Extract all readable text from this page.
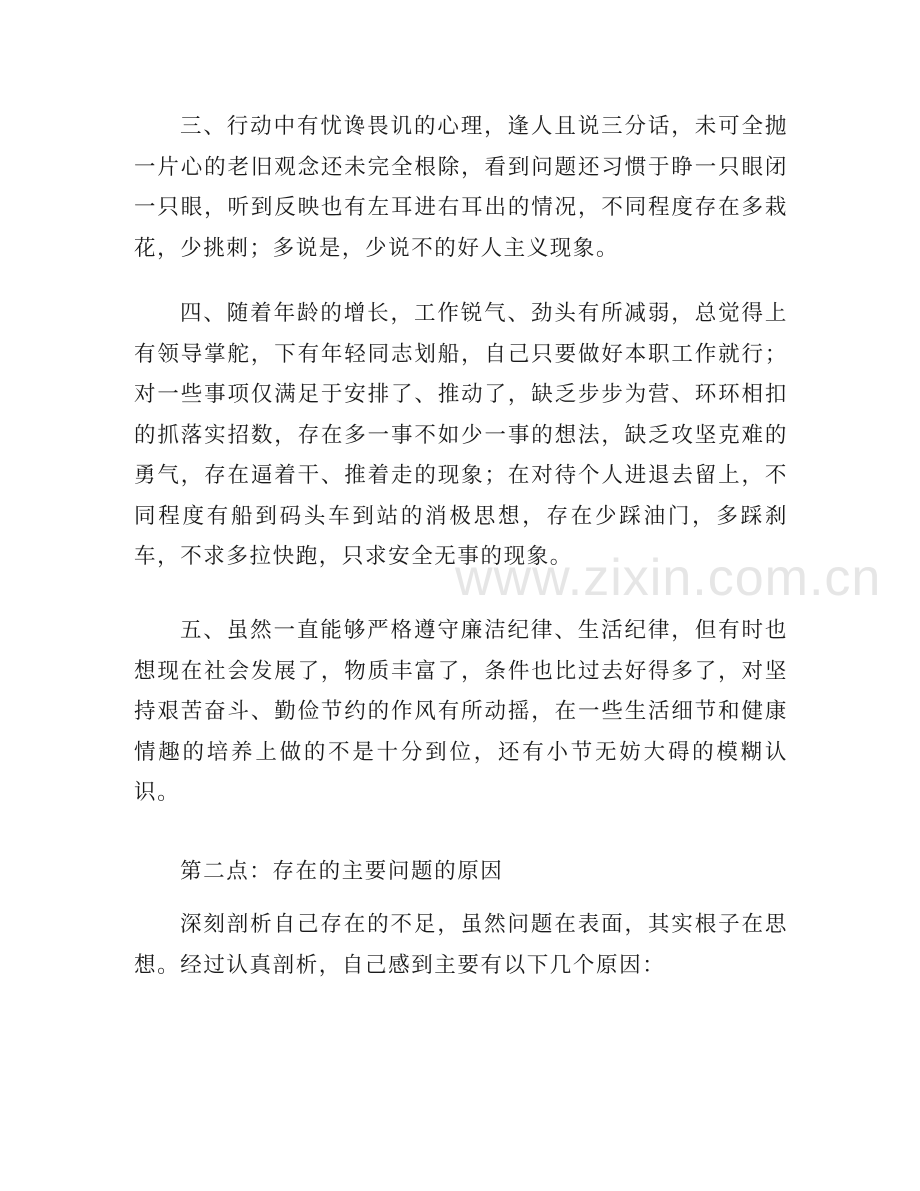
www.zixin.com.cn

三、行动中有忧谗畏讥的心理，逢人且说三分话，未可全抛一片心的老旧观念还未完全根除，看到问题还习惯于睁一只眼闭一只眼，听到反映也有左耳进右耳出的情况，不同程度存在多栽花，少挑刺；多说是，少说不的好人主义现象。

四、随着年龄的增长，工作锐气、劲头有所减弱，总觉得上有领导掌舵，下有年轻同志划船，自己只要做好本职工作就行；对一些事项仅满足于安排了、推动了，缺乏步步为营、环环相扣的抓落实招数，存在多一事不如少一事的想法，缺乏攻坚克难的勇气，存在逼着干、推着走的现象；在对待个人进退去留上，不同程度有船到码头车到站的消极思想，存在少踩油门，多踩刹车，不求多拉快跑，只求安全无事的现象。

五、虽然一直能够严格遵守廉洁纪律、生活纪律，但有时也想现在社会发展了，物质丰富了，条件也比过去好得多了，对坚持艰苦奋斗、勤俭节约的作风有所动摇，在一些生活细节和健康情趣的培养上做的不是十分到位，还有小节无妨大碍的模糊认识。

第二点：存在的主要问题的原因

深刻剖析自己存在的不足，虽然问题在表面，其实根子在思想。经过认真剖析，自己感到主要有以下几个原因：
